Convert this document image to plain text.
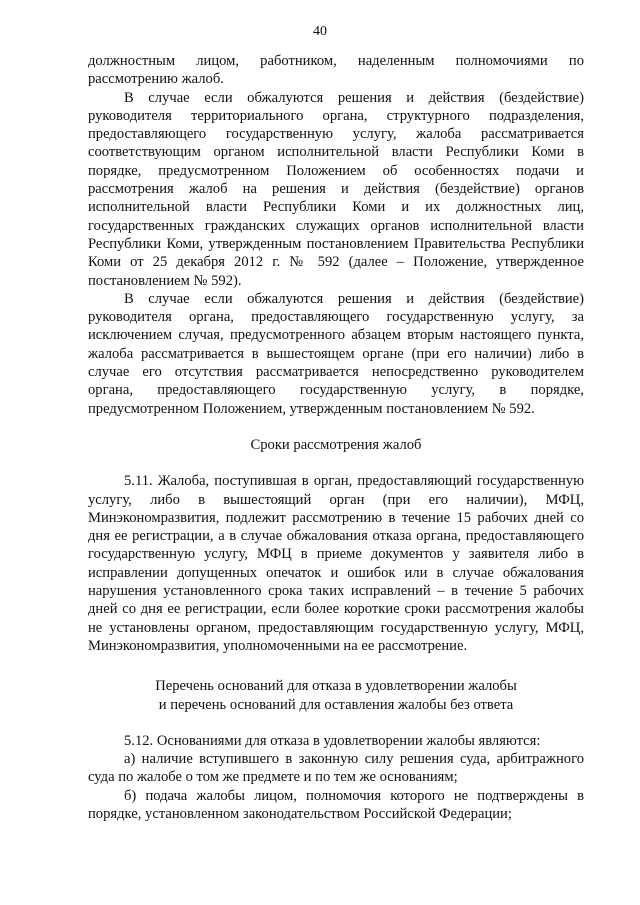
40

должностным лицом, работником, наделенным полномочиями по рассмотрению жалоб.

В случае если обжалуются решения и действия (бездействие) руководителя территориального органа, структурного подразделения, предоставляющего государственную услугу, жалоба рассматривается соответствующим органом исполнительной власти Республики Коми в порядке, предусмотренном Положением об особенностях подачи и рассмотрения жалоб на решения и действия (бездействие) органов исполнительной власти Республики Коми и их должностных лиц, государственных гражданских служащих органов исполнительной власти Республики Коми, утвержденным постановлением Правительства Республики Коми от 25 декабря 2012 г. № 592 (далее – Положение, утвержденное постановлением № 592).

В случае если обжалуются решения и действия (бездействие) руководителя органа, предоставляющего государственную услугу, за исключением случая, предусмотренного абзацем вторым настоящего пункта, жалоба рассматривается в вышестоящем органе (при его наличии) либо в случае его отсутствия рассматривается непосредственно руководителем органа, предоставляющего государственную услугу, в порядке, предусмотренном Положением, утвержденным постановлением № 592.

Сроки рассмотрения жалоб

5.11. Жалоба, поступившая в орган, предоставляющий государственную услугу, либо в вышестоящий орган (при его наличии), МФЦ, Минэкономразвития, подлежит рассмотрению в течение 15 рабочих дней со дня ее регистрации, а в случае обжалования отказа органа, предоставляющего государственную услугу, МФЦ в приеме документов у заявителя либо в исправлении допущенных опечаток и ошибок или в случае обжалования нарушения установленного срока таких исправлений – в течение 5 рабочих дней со дня ее регистрации, если более короткие сроки рассмотрения жалобы не установлены органом, предоставляющим государственную услугу, МФЦ, Минэкономразвития, уполномоченными на ее рассмотрение.

Перечень оснований для отказа в удовлетворении жалобы

и перечень оснований для оставления жалобы без ответа

5.12. Основаниями для отказа в удовлетворении жалобы являются:

а) наличие вступившего в законную силу решения суда, арбитражного суда по жалобе о том же предмете и по тем же основаниям;

б) подача жалобы лицом, полномочия которого не подтверждены в порядке, установленном законодательством Российской Федерации;
